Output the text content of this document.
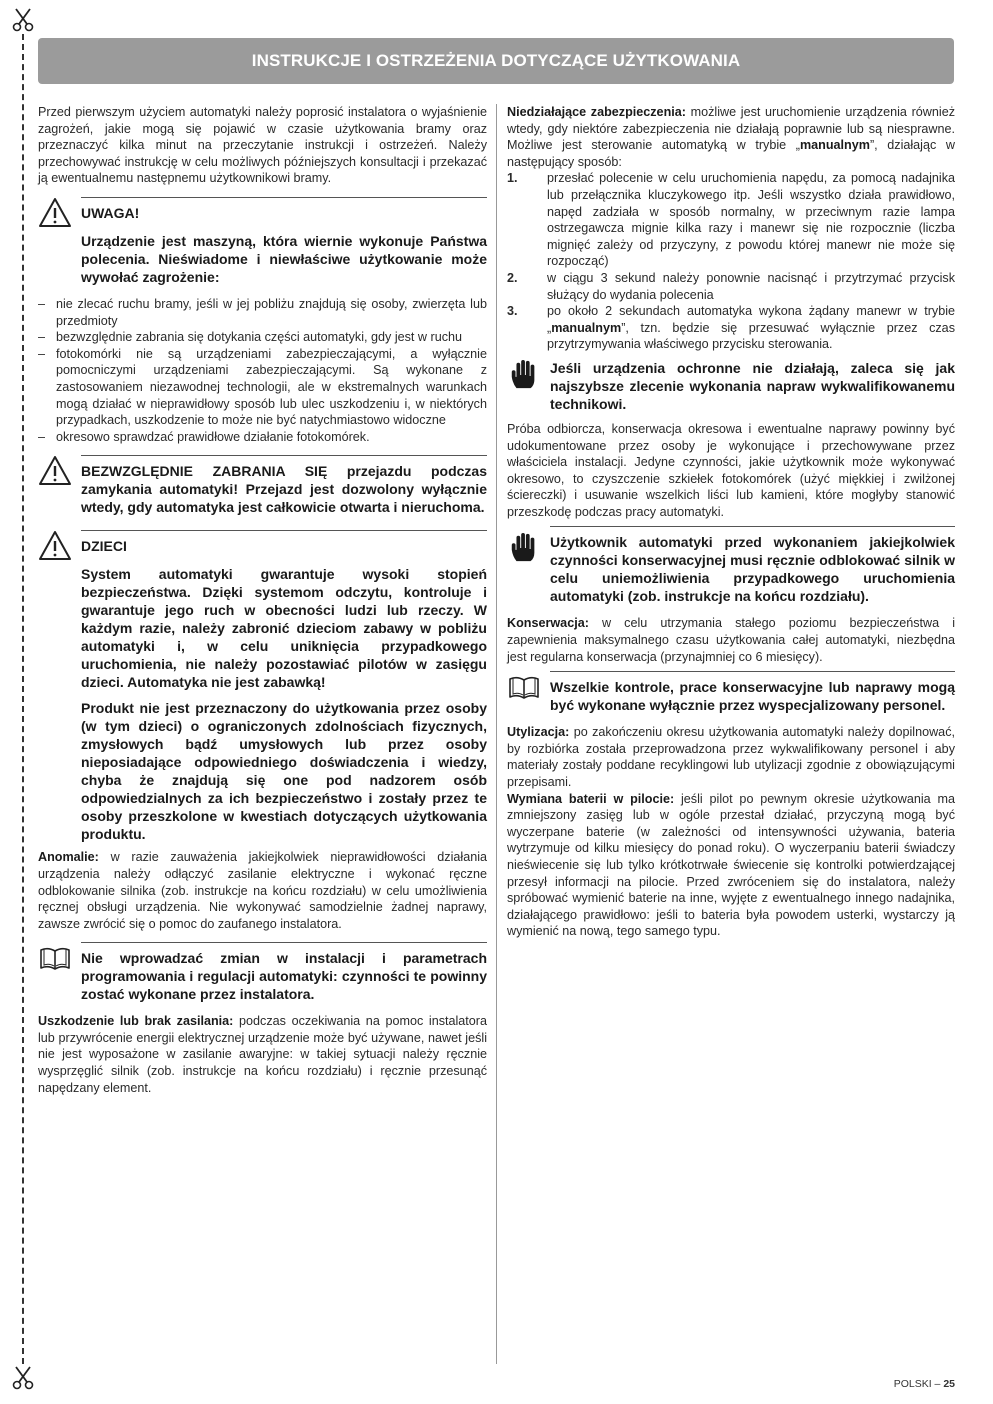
INSTRUKCJE I OSTRZEŻENIA DOTYCZĄCE UŻYTKOWANIA

Przed pierwszym użyciem automatyki należy poprosić instalatora o wyjaśnienie zagrożeń, jakie mogą się pojawić w czasie użytkowania bramy oraz przeznaczyć kilka minut na przeczytanie instrukcji i ostrzeżeń. Należy przechowywać instrukcję w celu możliwych późniejszych konsultacji i przekazać ją ewentualnemu następnemu użytkownikowi bramy.

UWAGA!

Urządzenie jest maszyną, która wiernie wykonuje Państwa polecenia. Nieświadome i niewłaściwe użytkowanie może wywołać zagrożenie:

– nie zlecać ruchu bramy, jeśli w jej pobliżu znajdują się osoby, zwierzęta lub przedmioty
– bezwzględnie zabrania się dotykania części automatyki, gdy jest w ruchu
– fotokomórki nie są urządzeniami zabezpieczającymi, a wyłącznie pomocniczymi urządzeniami zabezpieczającymi. Są wykonane z zastosowaniem niezawodnej technologii, ale w ekstremalnych warunkach mogą działać w nieprawidłowy sposób lub ulec uszkodzeniu i, w niektórych przypadkach, uszkodzenie to może nie być natychmiastowo widoczne
– okresowo sprawdzać prawidłowe działanie fotokomórek.

BEZWZGLĘDNIE ZABRANIA SIĘ przejazdu podczas zamykania automatyki! Przejazd jest dozwolony wyłącznie wtedy, gdy automatyka jest całkowicie otwarta i nieruchoma.

DZIECI

System automatyki gwarantuje wysoki stopień bezpieczeństwa. Dzięki systemom odczytu, kontroluje i gwarantuje jego ruch w obecności ludzi lub rzeczy. W każdym razie, należy zabronić dzieciom zabawy w pobliżu automatyki i, w celu uniknięcia przypadkowego uruchomienia, nie należy pozostawiać pilotów w zasięgu dzieci. Automatyka nie jest zabawką!

Produkt nie jest przeznaczony do użytkowania przez osoby (w tym dzieci) o ograniczonych zdolnościach fizycznych, zmysłowych bądź umysłowych lub przez osoby nieposiadające odpowiedniego doświadczenia i wiedzy, chyba że znajdują się one pod nadzorem osób odpowiedzialnych za ich bezpieczeństwo i zostały przez te osoby przeszkolone w kwestiach dotyczących użytkowania produktu.

Anomalie: w razie zauważenia jakiejkolwiek nieprawidłowości działania urządzenia należy odłączyć zasilanie elektryczne i wykonać ręczne odblokowanie silnika (zob. instrukcje na końcu rozdziału) w celu umożliwienia ręcznej obsługi urządzenia. Nie wykonywać samodzielnie żadnej naprawy, zawsze zwrócić się o pomoc do zaufanego instalatora.

Nie wprowadzać zmian w instalacji i parametrach programowania i regulacji automatyki: czynności te powinny zostać wykonane przez instalatora.

Uszkodzenie lub brak zasilania: podczas oczekiwania na pomoc instalatora lub przywrócenie energii elektrycznej urządzenie może być używane, nawet jeśli nie jest wyposażone w zasilanie awaryjne: w takiej sytuacji należy ręcznie wysprzęglić silnik (zob. instrukcje na końcu rozdziału) i ręcznie przesunąć napędzany element.

Niedziałające zabezpieczenia: możliwe jest uruchomienie urządzenia również wtedy, gdy niektóre zabezpieczenia nie działają poprawnie lub są niesprawne. Możliwe jest sterowanie automatyką w trybie „manualnym”, działając w następujący sposób:

1. przesłać polecenie w celu uruchomienia napędu, za pomocą nadajnika lub przełącznika kluczykowego itp. Jeśli wszystko działa prawidłowo, napęd zadziała w sposób normalny, w przeciwnym razie lampa ostrzegawcza mignie kilka razy i manewr się nie rozpocznie (liczba mignięć zależy od przyczyny, z powodu której manewr nie może się rozpocząć)
2. w ciągu 3 sekund należy ponownie nacisnąć i przytrzymać przycisk służący do wydania polecenia
3. po około 2 sekundach automatyka wykona żądany manewr w trybie „manualnym”, tzn. będzie się przesuwać wyłącznie przez czas przytrzymywania właściwego przycisku sterowania.

Jeśli urządzenia ochronne nie działają, zaleca się jak najszybsze zlecenie wykonania napraw wykwalifikowanemu technikowi.

Próba odbiorcza, konserwacja okresowa i ewentualne naprawy powinny być udokumentowane przez osoby je wykonujące i przechowywane przez właściciela instalacji. Jedyne czynności, jakie użytkownik może wykonywać okresowo, to czyszczenie szkiełek fotokomórek (użyć miękkiej i zwilżonej ściereczki) i usuwanie wszelkich liści lub kamieni, które mogłyby stanowić przeszkodę podczas pracy automatyki.

Użytkownik automatyki przed wykonaniem jakiejkolwiek czynności konserwacyjnej musi ręcznie odblokować silnik w celu uniemożliwienia przypadkowego uruchomienia automatyki (zob. instrukcje na końcu rozdziału).

Konserwacja: w celu utrzymania stałego poziomu bezpieczeństwa i zapewnienia maksymalnego czasu użytkowania całej automatyki, niezbędna jest regularna konserwacja (przynajmniej co 6 miesięcy).

Wszelkie kontrole, prace konserwacyjne lub naprawy mogą być wykonane wyłącznie przez wyspecjalizowany personel.

Utylizacja: po zakończeniu okresu użytkowania automatyki należy dopilnować, by rozbiórka została przeprowadzona przez wykwalifikowany personel i aby materiały zostały poddane recyklingowi lub utylizacji zgodnie z obowiązującymi przepisami.

Wymiana baterii w pilocie: jeśli pilot po pewnym okresie użytkowania ma zmniejszony zasięg lub w ogóle przestał działać, przyczyną mogą być wyczerpane baterie (w zależności od intensywności używania, bateria wytrzymuje od kilku miesięcy do ponad roku). O wyczerpaniu baterii świadczy nieświecenie się lub tylko krótkotrwałe świecenie się kontrolki potwierdzającej przesył informacji na pilocie. Przed zwróceniem się do instalatora, należy spróbować wymienić baterie na inne, wyjęte z ewentualnego innego nadajnika, działającego prawidłowo: jeśli to bateria była powodem usterki, wystarczy ją wymienić na nową, tego samego typu.

POLSKI – 25
